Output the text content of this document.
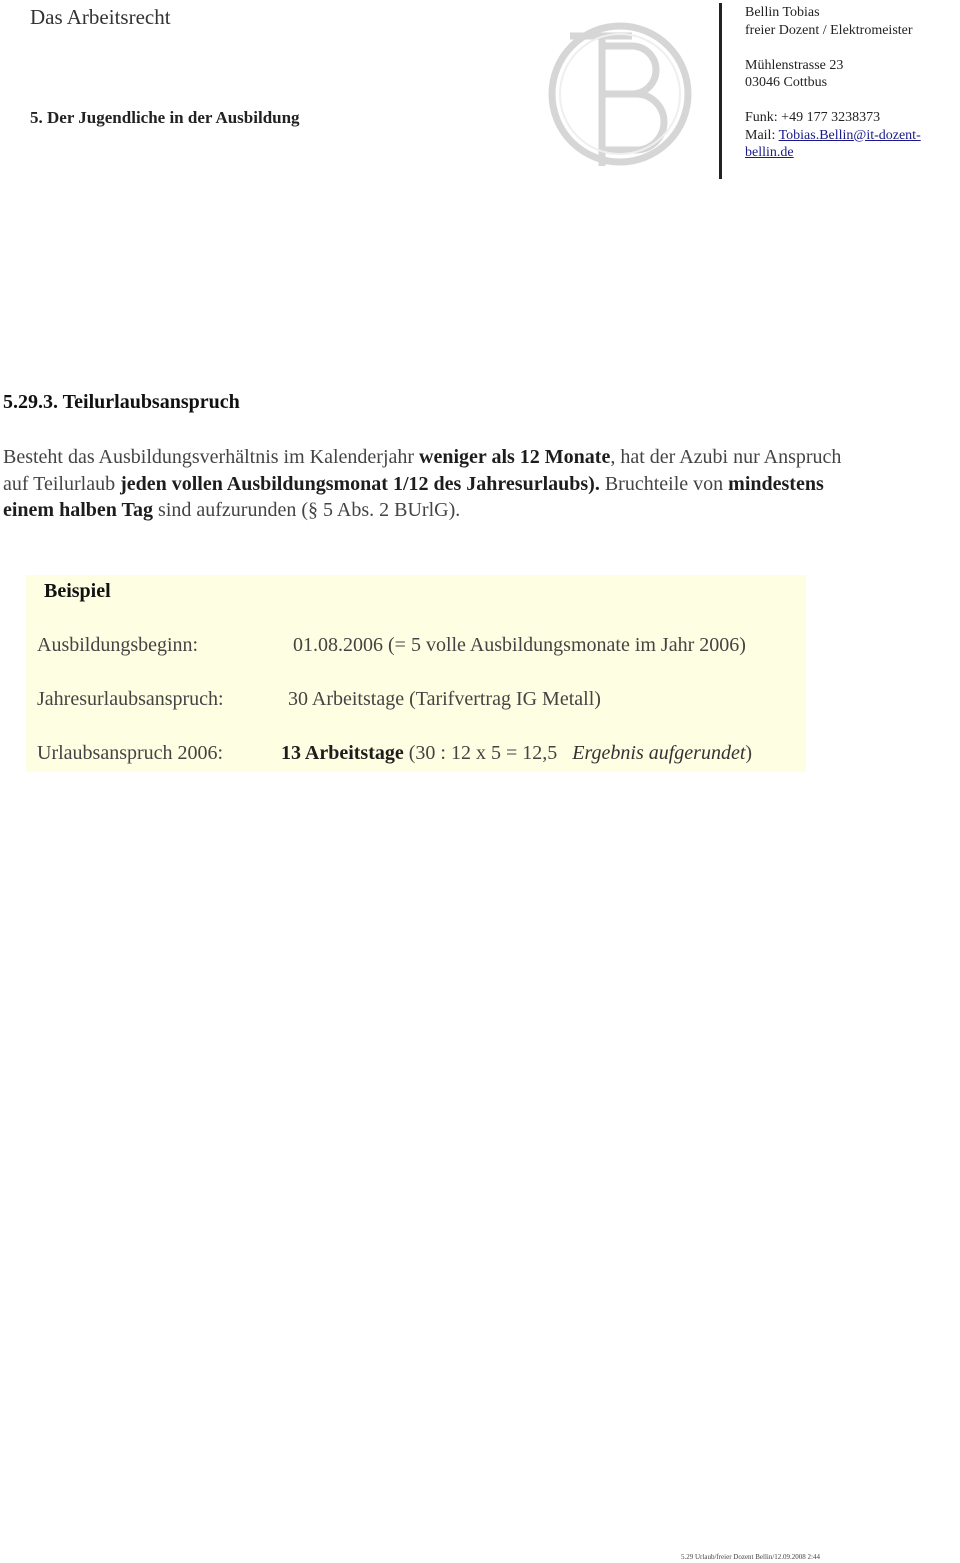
Das Arbeitsrecht
5. Der Jugendliche in der Ausbildung
Bellin Tobias
freier Dozent / Elektromeister
Mühlenstrasse 23
03046 Cottbus
Funk: +49 177 3238373
Mail: Tobias.Bellin@it-dozent-bellin.de
5.29.3. Teilurlaubsanspruch
Besteht das Ausbildungsverhältnis im Kalenderjahr weniger als 12 Monate, hat der Azubi nur Anspruch auf Teilurlaub jeden vollen Ausbildungsmonat 1/12 des Jahresurlaubs). Bruchteile von mindestens einem halben Tag sind aufzurunden (§ 5 Abs. 2 BUrlG).
Beispiel
Ausbildungsbeginn:	01.08.2006 (= 5 volle Ausbildungsmonate im Jahr 2006)
Jahresurlaubsanspruch:	30 Arbeitstage (Tarifvertrag IG Metall)
Urlaubsanspruch 2006:	13 Arbeitstage (30 : 12 x 5 = 12,5   Ergebnis aufgerundet)
5.29 Urlaub/freier Dozent Bellin/12.09.2008 2:44
